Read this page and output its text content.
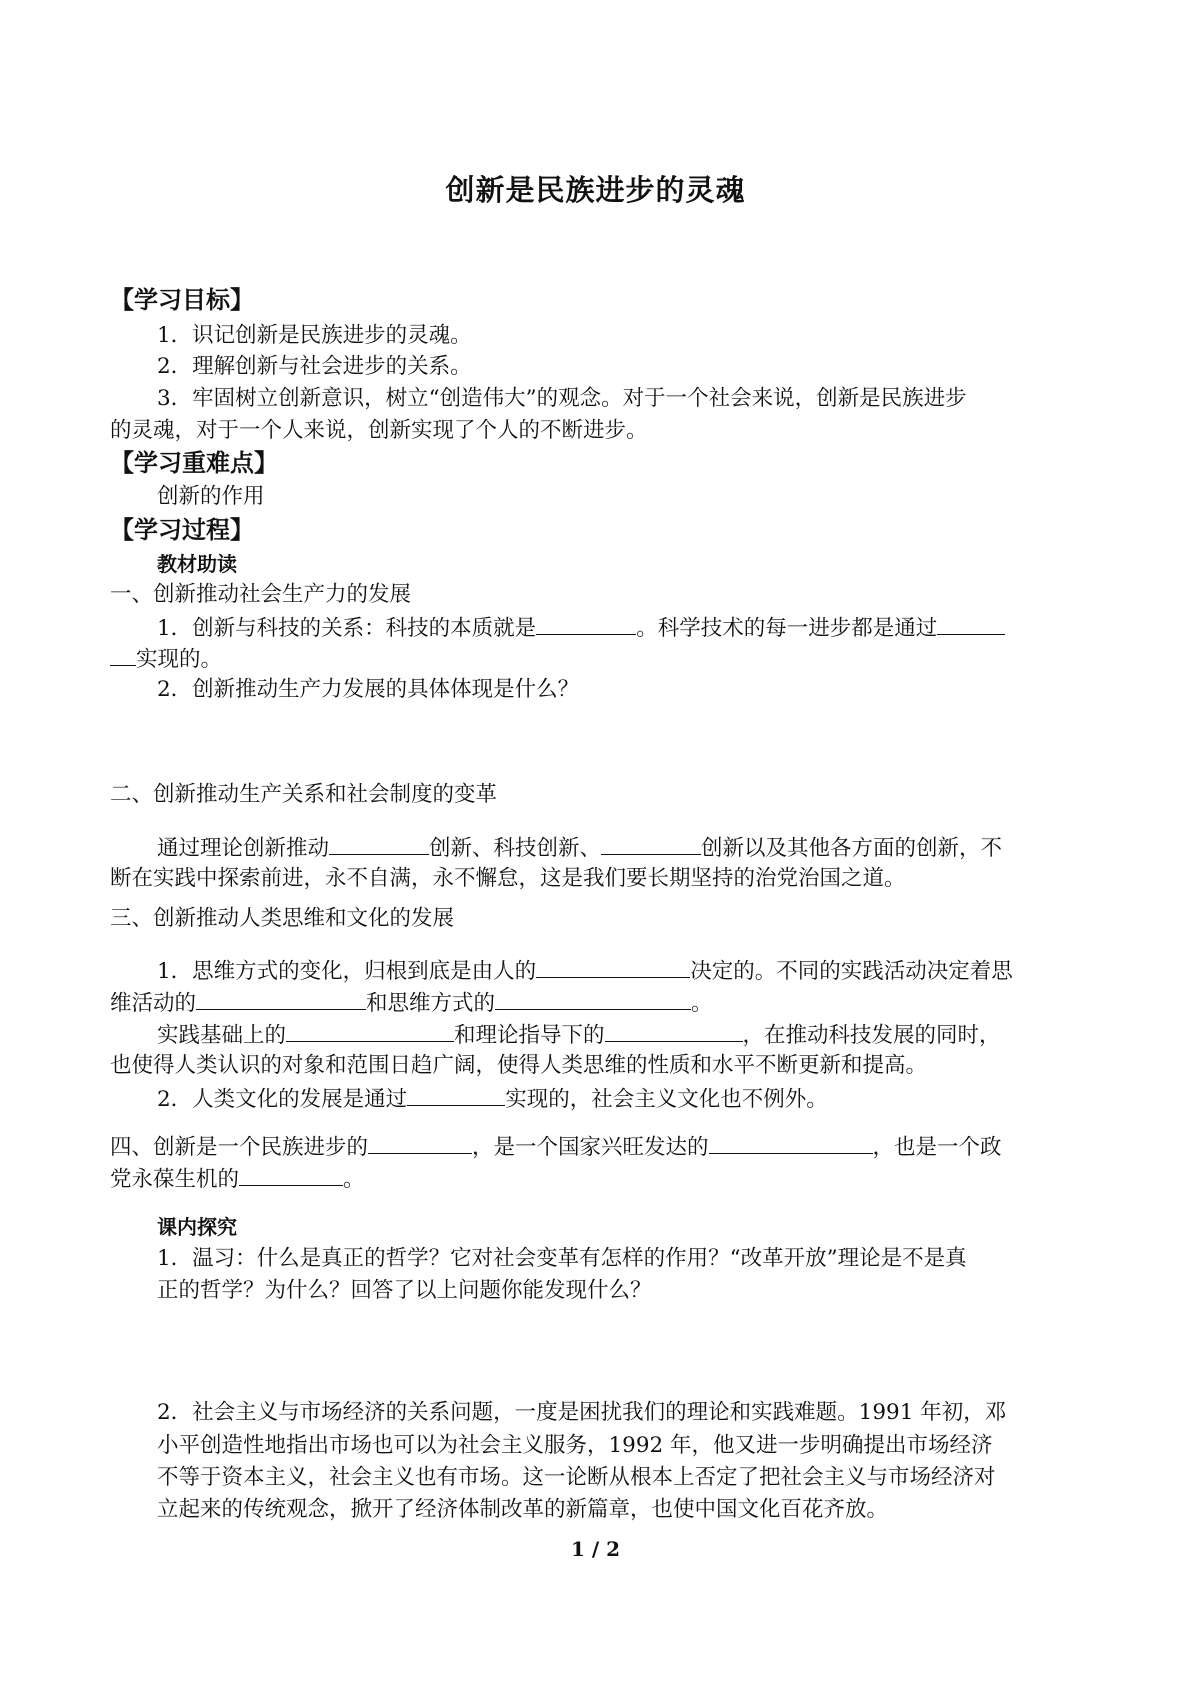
创新是民族进步的灵魂
【学习目标】
1．识记创新是民族进步的灵魂。
2．理解创新与社会进步的关系。
3．牢固树立创新意识，树立“创造伟大”的观念。对于一个社会来说，创新是民族进步
的灵魂，对于一个人来说，创新实现了个人的不断进步。
【学习重难点】
创新的作用
【学习过程】
教材助读
一、创新推动社会生产力的发展
1．创新与科技的关系：科技的本质就是	。科学技术的每一进步都是通过
实现的。
2．创新推动生产力发展的具体体现是什么？
二、创新推动生产关系和社会制度的变革
通过理论创新推动	创新、科技创新、	创新以及其他各方面的创新，不
断在实践中探索前进，永不自满，永不懈怠，这是我们要长期坚持的治党治国之道。
三、创新推动人类思维和文化的发展
1．思维方式的变化，归根到底是由人的	决定的。不同的实践活动决定着思
维活动的	和思维方式的	。
实践基础上的	和理论指导下的	，在推动科技发展的同时，
也使得人类认识的对象和范围日趋广阔，使得人类思维的性质和水平不断更新和提高。
2．人类文化的发展是通过	实现的，社会主义文化也不例外。
四、创新是一个民族进步的	，是一个国家兴旺发达的	，也是一个政
党永葆生机的	。
课内探究
1．温习：什么是真正的哲学？它对社会变革有怎样的作用？“改革开放”理论是不是真
正的哲学？为什么？回答了以上问题你能发现什么？
2．社会主义与市场经济的关系问题，一度是困扰我们的理论和实践难题。1991 年初，邓
小平创造性地指出市场也可以为社会主义服务，1992 年，他又进一步明确提出市场经济
不等于资本主义，社会主义也有市场。这一论断从根本上否定了把社会主义与市场经济对
立起来的传统观念，掀开了经济体制改革的新篇章，也使中国文化百花齐放。
1 / 2
